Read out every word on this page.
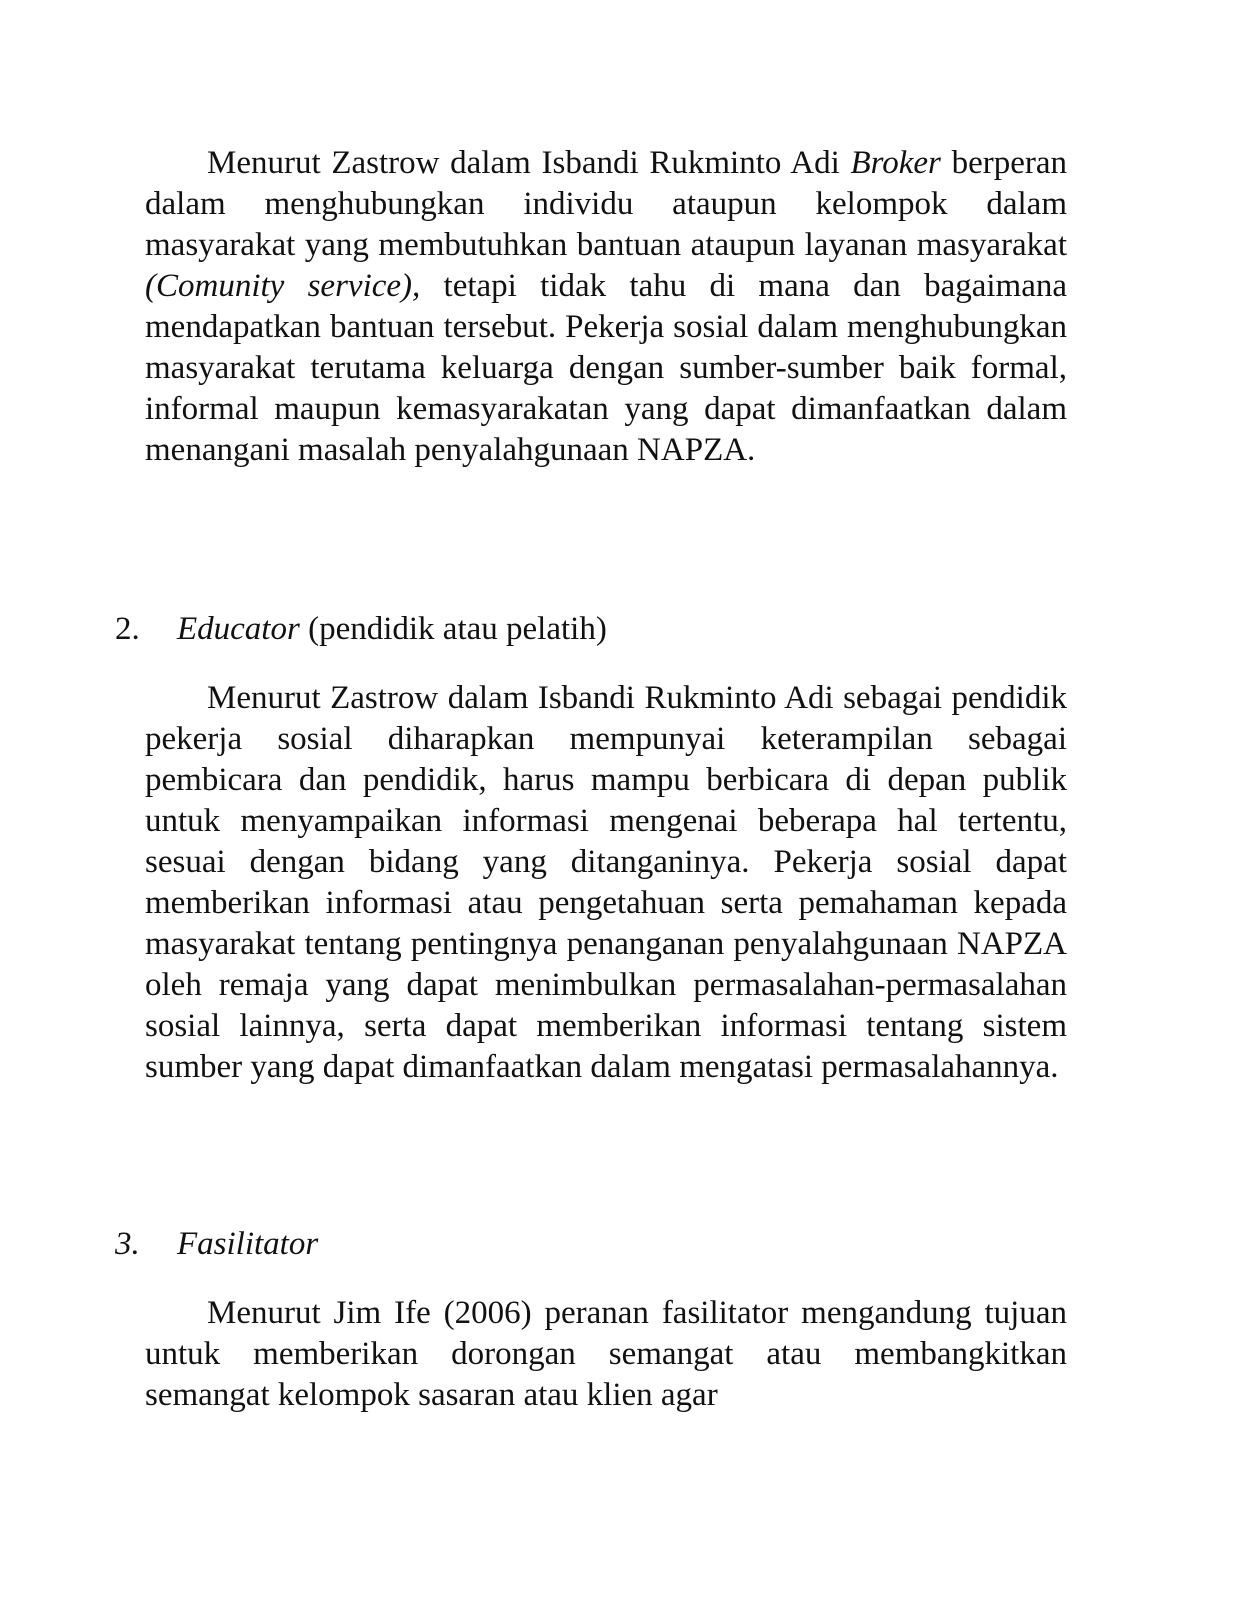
Menurut Zastrow dalam Isbandi Rukminto Adi Broker berperan dalam menghubungkan individu ataupun kelompok dalam masyarakat yang membutuhkan bantuan ataupun layanan masyarakat (Comunity service), tetapi tidak tahu di mana dan bagaimana mendapatkan bantuan tersebut. Pekerja sosial dalam menghubungkan masyarakat terutama keluarga dengan sumber-sumber baik formal, informal maupun kemasyarakatan yang dapat dimanfaatkan dalam menangani masalah penyalahgunaan NAPZA.

2. Educator (pendidik atau pelatih)

Menurut Zastrow dalam Isbandi Rukminto Adi sebagai pendidik pekerja sosial diharapkan mempunyai keterampilan sebagai pembicara dan pendidik, harus mampu berbicara di depan publik untuk menyampaikan informasi mengenai beberapa hal tertentu, sesuai dengan bidang yang ditanganinya. Pekerja sosial dapat memberikan informasi atau pengetahuan serta pemahaman kepada masyarakat tentang pentingnya penanganan penyalahgunaan NAPZA oleh remaja yang dapat menimbulkan permasalahan-permasalahan sosial lainnya, serta dapat memberikan informasi tentang sistem sumber yang dapat dimanfaatkan dalam mengatasi permasalahannya.

3. Fasilitator

Menurut Jim Ife (2006) peranan fasilitator mengandung tujuan untuk memberikan dorongan semangat atau membangkitkan semangat kelompok sasaran atau klien agar
